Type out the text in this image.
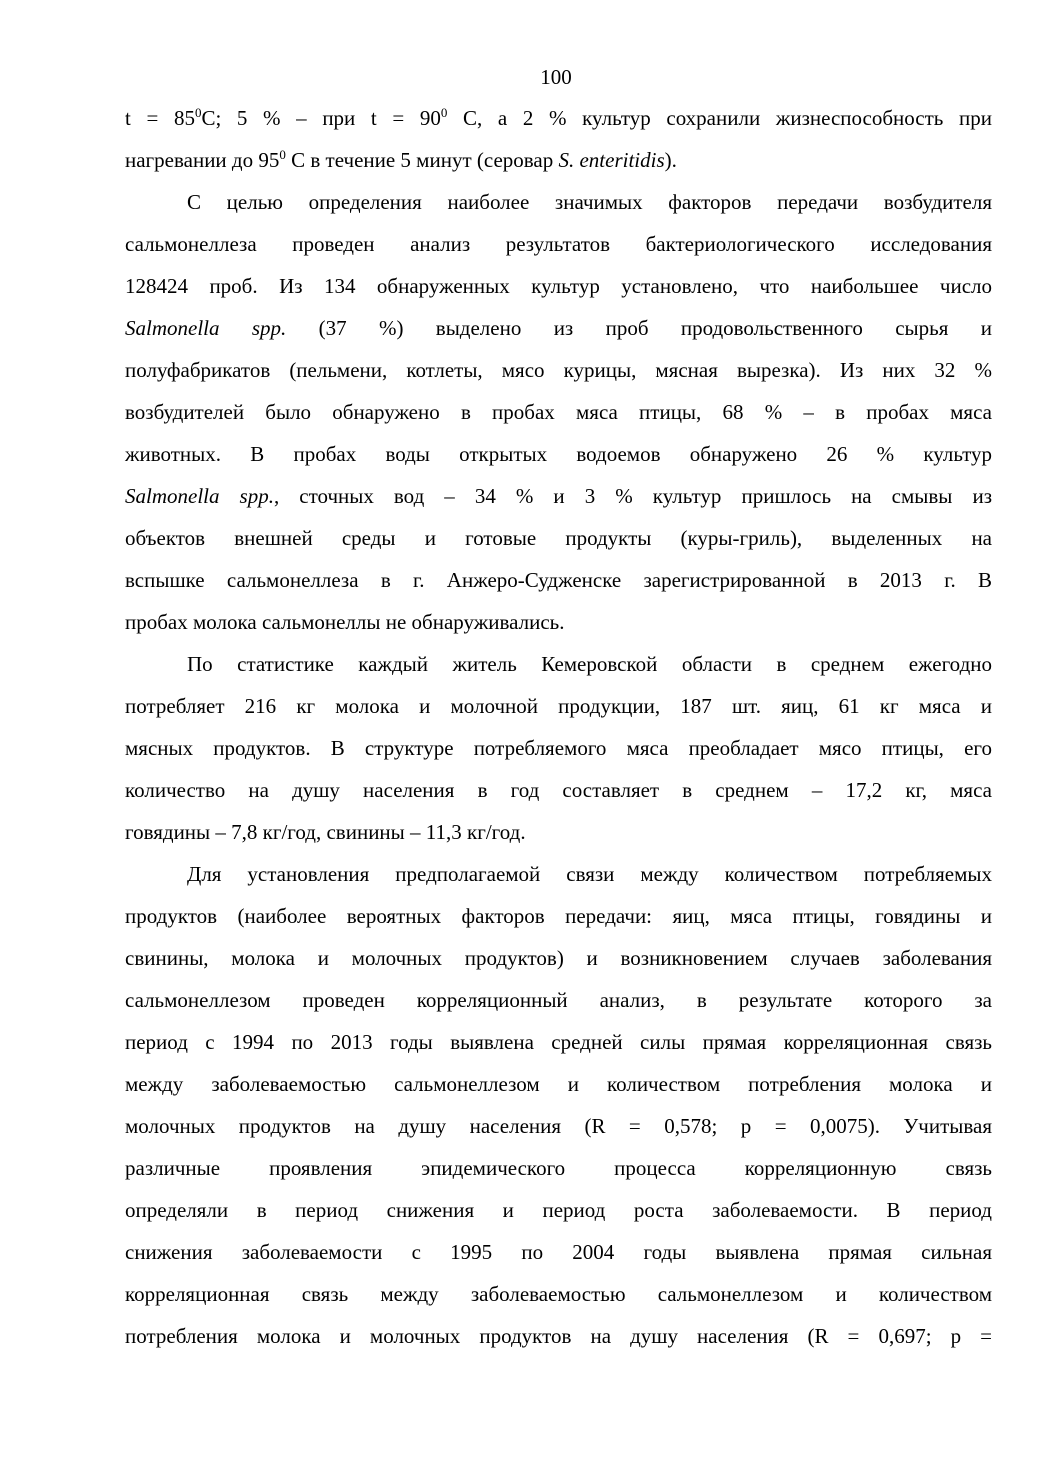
100

$t = 85^0C$; 5 % – при $t = 90^0$ С, а 2 % культур сохранили жизнеспособность при
нагревании до $95^0$ С в течение 5 минут (серовар S. enteritidis).

С целью определения наиболее значимых факторов передачи возбудителя
сальмонеллеза проведен анализ результатов бактериологического исследования
128424 проб. Из 134 обнаруженных культур установлено, что наибольшее число
Salmonella spp. (37 %) выделено из проб продовольственного сырья и
полуфабрикатов (пельмени, котлеты, мясо курицы, мясная вырезка). Из них 32 %
возбудителей было обнаружено в пробах мяса птицы, 68 % – в пробах мяса
животных. В пробах воды открытых водоемов обнаружено 26 % культур
Salmonella spp., сточных вод – 34 % и 3 % культур пришлось на смывы из
объектов внешней среды и готовые продукты (куры-гриль), выделенных на
вспышке сальмонеллеза в г. Анжеро-Судженске зарегистрированной в 2013 г. В
пробах молока сальмонеллы не обнаруживались.

По статистике каждый житель Кемеровской области в среднем ежегодно
потребляет 216 кг молока и молочной продукции, 187 шт. яиц, 61 кг мяса и
мясных продуктов. В структуре потребляемого мяса преобладает мясо птицы, его
количество на душу населения в год составляет в среднем – 17,2 кг, мяса
говядины – 7,8 кг/год, свинины – 11,3 кг/год.

Для установления предполагаемой связи между количеством потребляемых
продуктов (наиболее вероятных факторов передачи: яиц, мяса птицы, говядины и
свинины, молока и молочных продуктов) и возникновением случаев заболевания
сальмонеллезом проведен корреляционный анализ, в результате которого за
период с 1994 по 2013 годы выявлена средней силы прямая корреляционная связь
между заболеваемостью сальмонеллезом и количеством потребления молока и
молочных продуктов на душу населения (R = 0,578; p = 0,0075). Учитывая
различные проявления эпидемического процесса корреляционную связь
определяли в период снижения и период роста заболеваемости. В период
снижения заболеваемости с 1995 по 2004 годы выявлена прямая сильная
корреляционная связь между заболеваемостью сальмонеллезом и количеством
потребления молока и молочных продуктов на душу населения (R = 0,697; p =
